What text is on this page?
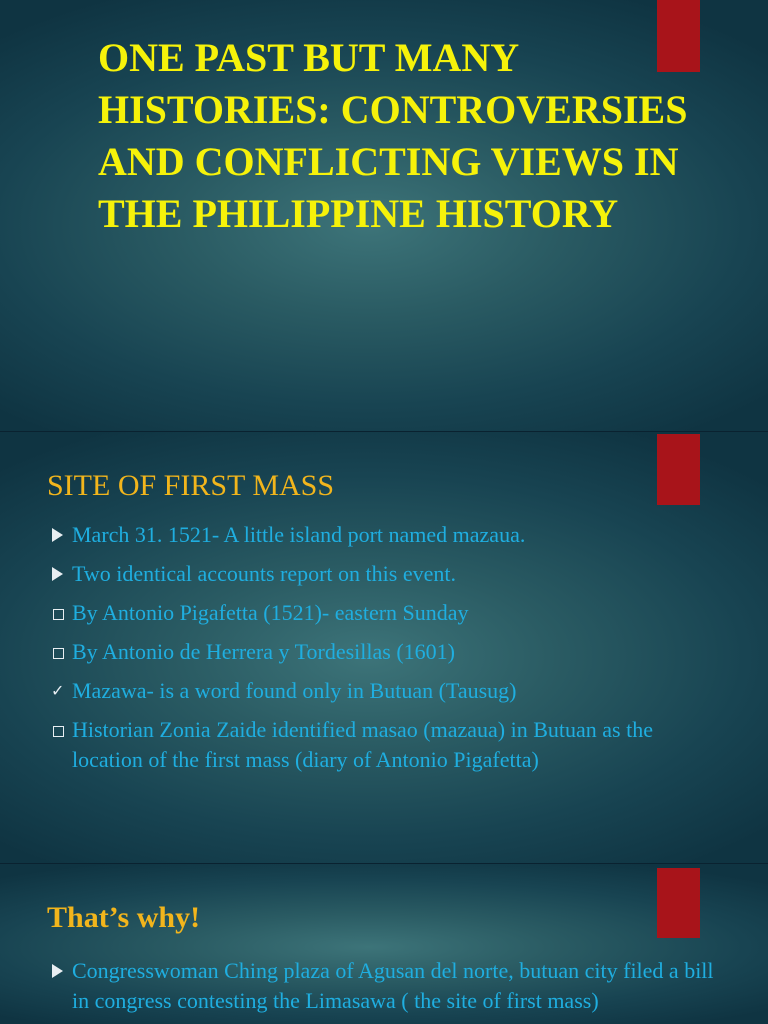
ONE PAST BUT MANY HISTORIES: CONTROVERSIES AND CONFLICTING VIEWS IN THE PHILIPPINE HISTORY
SITE OF FIRST MASS
March 31. 1521- A little island port named mazaua.
Two identical accounts report on this event.
By Antonio Pigafetta (1521)- eastern Sunday
By Antonio de Herrera y Tordesillas (1601)
✓ Mazawa- is a word found only in Butuan (Tausug)
Historian Zonia Zaide identified masao (mazaua) in Butuan as the location of the first mass (diary of Antonio Pigafetta)
That’s why!
Congresswoman Ching plaza of Agusan del norte, butuan city filed a bill in congress contesting the Limasawa ( the site of first mass)
